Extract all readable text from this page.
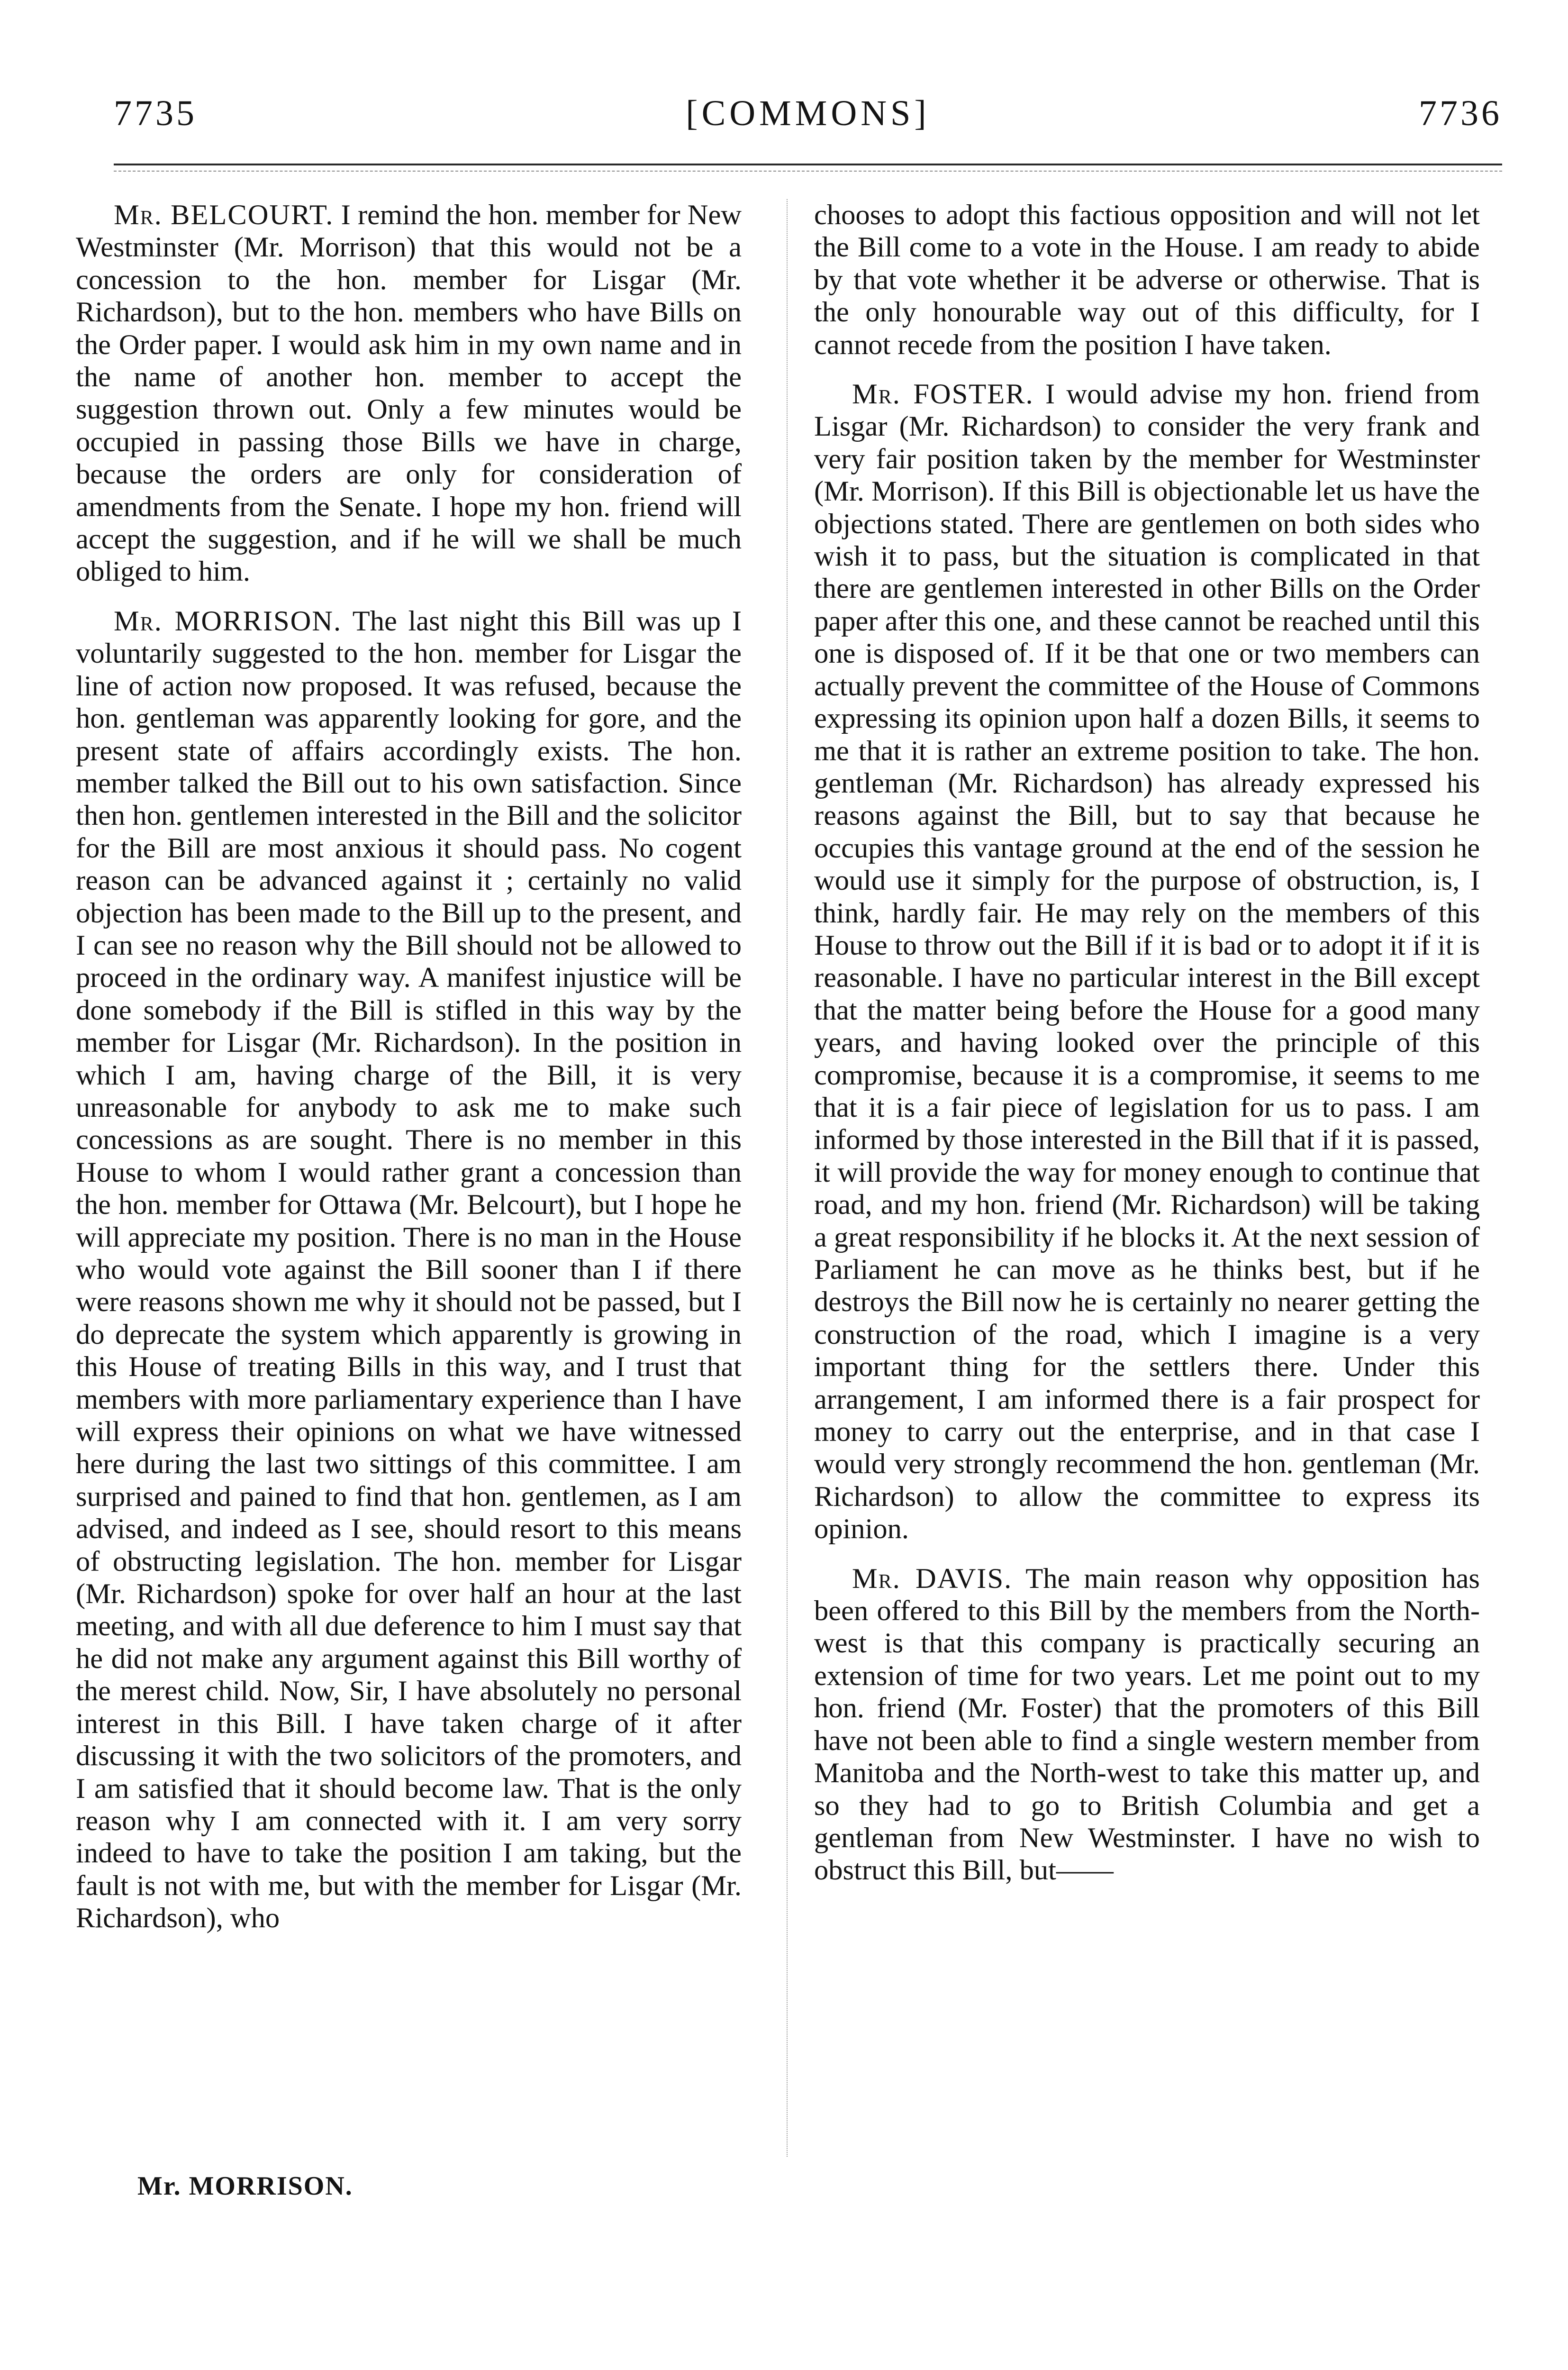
7735	[COMMONS]	7736

Mr. BELCOURT. I remind the hon. member for New Westminster (Mr. Morrison) that this would not be a concession to the hon. member for Lisgar (Mr. Richardson), but to the hon. members who have Bills on the Order paper. I would ask him in my own name and in the name of another hon. member to accept the suggestion thrown out. Only a few minutes would be occupied in passing those Bills we have in charge, because the orders are only for consideration of amendments from the Senate. I hope my hon. friend will accept the suggestion, and if he will we shall be much obliged to him.

Mr. MORRISON. The last night this Bill was up I voluntarily suggested to the hon. member for Lisgar the line of action now proposed. It was refused, because the hon. gentleman was apparently looking for gore, and the present state of affairs accordingly exists. The hon. member talked the Bill out to his own satisfaction. Since then hon. gentlemen interested in the Bill and the solicitor for the Bill are most anxious it should pass. No cogent reason can be advanced against it ; certainly no valid objection has been made to the Bill up to the present, and I can see no reason why the Bill should not be allowed to proceed in the ordinary way. A manifest injustice will be done somebody if the Bill is stifled in this way by the member for Lisgar (Mr. Richardson). In the position in which I am, having charge of the Bill, it is very unreasonable for anybody to ask me to make such concessions as are sought. There is no member in this House to whom I would rather grant a concession than the hon. member for Ottawa (Mr. Belcourt), but I hope he will appreciate my position. There is no man in the House who would vote against the Bill sooner than I if there were reasons shown me why it should not be passed, but I do deprecate the system which apparently is growing in this House of treating Bills in this way, and I trust that members with more parliamentary experience than I have will express their opinions on what we have witnessed here during the last two sittings of this committee. I am surprised and pained to find that hon. gentlemen, as I am advised, and indeed as I see, should resort to this means of obstructing legislation. The hon. member for Lisgar (Mr. Richardson) spoke for over half an hour at the last meeting, and with all due deference to him I must say that he did not make any argument against this Bill worthy of the merest child. Now, Sir, I have absolutely no personal interest in this Bill. I have taken charge of it after discussing it with the two solicitors of the promoters, and I am satisfied that it should become law. That is the only reason why I am connected with it. I am very sorry indeed to have to take the position I am taking, but the fault is not with me, but with the member for Lisgar (Mr. Richardson), who

chooses to adopt this factious opposition and will not let the Bill come to a vote in the House. I am ready to abide by that vote whether it be adverse or otherwise. That is the only honourable way out of this difficulty, for I cannot recede from the position I have taken.

Mr. FOSTER. I would advise my hon. friend from Lisgar (Mr. Richardson) to consider the very frank and very fair position taken by the member for Westminster (Mr. Morrison). If this Bill is objectionable let us have the objections stated. There are gentlemen on both sides who wish it to pass, but the situation is complicated in that there are gentlemen interested in other Bills on the Order paper after this one, and these cannot be reached until this one is disposed of. If it be that one or two members can actually prevent the committee of the House of Commons expressing its opinion upon half a dozen Bills, it seems to me that it is rather an extreme position to take. The hon. gentleman (Mr. Richardson) has already expressed his reasons against the Bill, but to say that because he occupies this vantage ground at the end of the session he would use it simply for the purpose of obstruction, is, I think, hardly fair. He may rely on the members of this House to throw out the Bill if it is bad or to adopt it if it is reasonable. I have no particular interest in the Bill except that the matter being before the House for a good many years, and having looked over the principle of this compromise, because it is a compromise, it seems to me that it is a fair piece of legislation for us to pass. I am informed by those interested in the Bill that if it is passed, it will provide the way for money enough to continue that road, and my hon. friend (Mr. Richardson) will be taking a great responsibility if he blocks it. At the next session of Parliament he can move as he thinks best, but if he destroys the Bill now he is certainly no nearer getting the construction of the road, which I imagine is a very important thing for the settlers there. Under this arrangement, I am informed there is a fair prospect for money to carry out the enterprise, and in that case I would very strongly recommend the hon. gentleman (Mr. Richardson) to allow the committee to express its opinion.

Mr. DAVIS. The main reason why opposition has been offered to this Bill by the members from the North-west is that this company is practically securing an extension of time for two years. Let me point out to my hon. friend (Mr. Foster) that the promoters of this Bill have not been able to find a single western member from Manitoba and the North-west to take this matter up, and so they had to go to British Columbia and get a gentleman from New Westminster. I have no wish to obstruct this Bill, but——

Mr. MORRISON.
